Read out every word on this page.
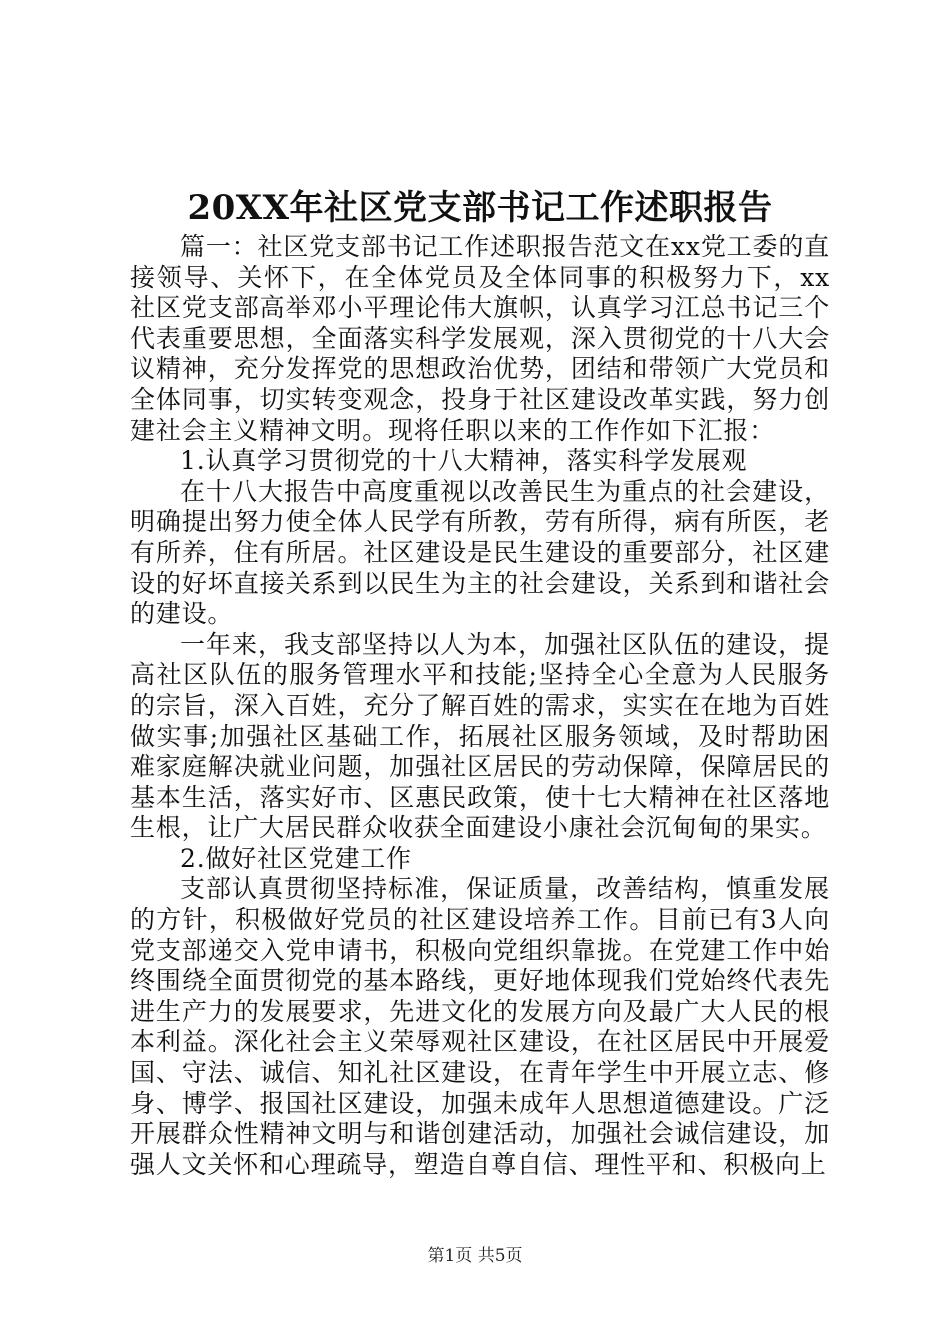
20XX年社区党支部书记工作述职报告

篇一：社区党支部书记工作述职报告范文在xx党工委的直接领导、关怀下，在全体党员及全体同事的积极努力下，xx社区党支部高举邓小平理论伟大旗帜，认真学习江总书记三个代表重要思想，全面落实科学发展观，深入贯彻党的十八大会议精神，充分发挥党的思想政治优势，团结和带领广大党员和全体同事，切实转变观念，投身于社区建设改革实践，努力创建社会主义精神文明。现将任职以来的工作作如下汇报：

1.认真学习贯彻党的十八大精神，落实科学发展观

在十八大报告中高度重视以改善民生为重点的社会建设，明确提出努力使全体人民学有所教，劳有所得，病有所医，老有所养，住有所居。社区建设是民生建设的重要部分，社区建设的好坏直接关系到以民生为主的社会建设，关系到和谐社会的建设。

一年来，我支部坚持以人为本，加强社区队伍的建设，提高社区队伍的服务管理水平和技能;坚持全心全意为人民服务的宗旨，深入百姓，充分了解百姓的需求，实实在在地为百姓做实事;加强社区基础工作，拓展社区服务领域，及时帮助困难家庭解决就业问题，加强社区居民的劳动保障，保障居民的基本生活，落实好市、区惠民政策，使十七大精神在社区落地生根，让广大居民群众收获全面建设小康社会沉甸甸的果实。

2.做好社区党建工作

支部认真贯彻坚持标准，保证质量，改善结构，慎重发展的方针，积极做好党员的社区建设培养工作。目前已有3人向党支部递交入党申请书，积极向党组织靠拢。在党建工作中始终围绕全面贯彻党的基本路线，更好地体现我们党始终代表先进生产力的发展要求，先进文化的发展方向及最广大人民的根本利益。深化社会主义荣辱观社区建设，在社区居民中开展爱国、守法、诚信、知礼社区建设，在青年学生中开展立志、修身、博学、报国社区建设，加强未成年人思想道德建设。广泛开展群众性精神文明与和谐创建活动，加强社会诚信建设，加强人文关怀和心理疏导，塑造自尊自信、理性平和、积极向上

第1页 共5页
